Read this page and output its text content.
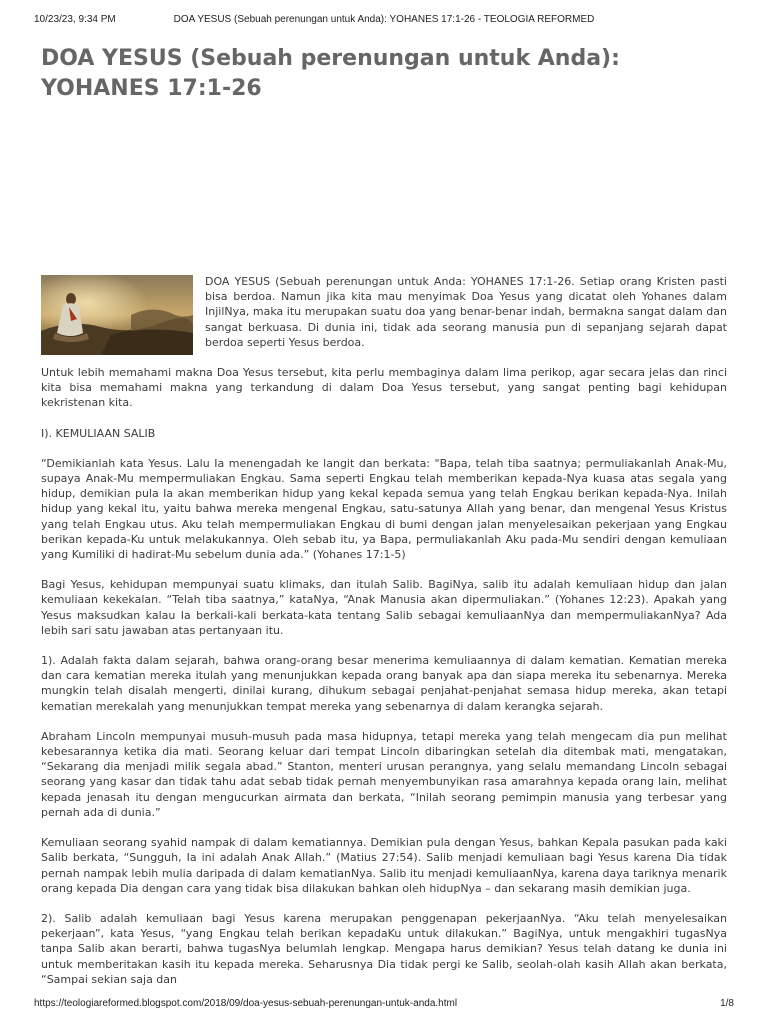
10/23/23, 9:34 PM	DOA YESUS (Sebuah perenungan untuk Anda): YOHANES 17:1-26 - TEOLOGIA REFORMED
DOA YESUS (Sebuah perenungan untuk Anda): YOHANES 17:1-26

DOA YESUS (Sebuah perenungan untuk Anda: YOHANES 17:1-26. Setiap orang Kristen pasti bisa berdoa. Namun jika kita mau menyimak Doa Yesus yang dicatat oleh Yohanes dalam InjilNya, maka itu merupakan suatu doa yang benar-benar indah, bermakna sangat dalam dan sangat berkuasa. Di dunia ini, tidak ada seorang manusia pun di sepanjang sejarah dapat berdoa seperti Yesus berdoa.

Untuk lebih memahami makna Doa Yesus tersebut, kita perlu membaginya dalam lima perikop, agar secara jelas dan rinci kita bisa memahami makna yang terkandung di dalam Doa Yesus tersebut, yang sangat penting bagi kehidupan kekristenan kita.

I). KEMULIAAN SALIB

“Demikianlah kata Yesus. Lalu Ia menengadah ke langit dan berkata: "Bapa, telah tiba saatnya; permuliakanlah Anak-Mu, supaya Anak-Mu mempermuliakan Engkau. Sama seperti Engkau telah memberikan kepada-Nya kuasa atas segala yang hidup, demikian pula Ia akan memberikan hidup yang kekal kepada semua yang telah Engkau berikan kepada-Nya. Inilah hidup yang kekal itu, yaitu bahwa mereka mengenal Engkau, satu-satunya Allah yang benar, dan mengenal Yesus Kristus yang telah Engkau utus. Aku telah mempermuliakan Engkau di bumi dengan jalan menyelesaikan pekerjaan yang Engkau berikan kepada-Ku untuk melakukannya. Oleh sebab itu, ya Bapa, permuliakanlah Aku pada-Mu sendiri dengan kemuliaan yang Kumiliki di hadirat-Mu sebelum dunia ada.” (Yohanes 17:1-5)

Bagi Yesus, kehidupan mempunyai suatu klimaks, dan itulah Salib. BagiNya, salib itu adalah kemuliaan hidup dan jalan kemuliaan kekekalan. “Telah tiba saatnya,” kataNya, “Anak Manusia akan dipermuliakan.” (Yohanes 12:23). Apakah yang Yesus maksudkan kalau Ia berkali-kali berkata-kata tentang Salib sebagai kemuliaanNya dan mempermuliakanNya? Ada lebih sari satu jawaban atas pertanyaan itu.

1). Adalah fakta dalam sejarah, bahwa orang-orang besar menerima kemuliaannya di dalam kematian. Kematian mereka dan cara kematian mereka itulah yang menunjukkan kepada orang banyak apa dan siapa mereka itu sebenarnya. Mereka mungkin telah disalah mengerti, dinilai kurang, dihukum sebagai penjahat-penjahat semasa hidup mereka, akan tetapi kematian merekalah yang menunjukkan tempat mereka yang sebenarnya di dalam kerangka sejarah.

Abraham Lincoln mempunyai musuh-musuh pada masa hidupnya, tetapi mereka yang telah mengecam dia pun melihat kebesarannya ketika dia mati. Seorang keluar dari tempat Lincoln dibaringkan setelah dia ditembak mati, mengatakan, “Sekarang dia menjadi milik segala abad.” Stanton, menteri urusan perangnya, yang selalu memandang Lincoln sebagai seorang yang kasar dan tidak tahu adat sebab tidak pernah menyembunyikan rasa amarahnya kepada orang lain, melihat kepada jenasah itu dengan mengucurkan airmata dan berkata, “Inilah seorang pemimpin manusia yang terbesar yang pernah ada di dunia.”

Kemuliaan seorang syahid nampak di dalam kematiannya. Demikian pula dengan Yesus, bahkan Kepala pasukan pada kaki Salib berkata, “Sungguh, Ia ini adalah Anak Allah.” (Matius 27:54). Salib menjadi kemuliaan bagi Yesus karena Dia tidak pernah nampak lebih mulia daripada di dalam kematianNya. Salib itu menjadi kemuliaanNya, karena daya tariknya menarik orang kepada Dia dengan cara yang tidak bisa dilakukan bahkan oleh hidupNya – dan sekarang masih demikian juga.

2). Salib adalah kemuliaan bagi Yesus karena merupakan penggenapan pekerjaanNya. “Aku telah menyelesaikan pekerjaan”, kata Yesus, “yang Engkau telah berikan kepadaKu untuk dilakukan.” BagiNya, untuk mengakhiri tugasNya tanpa Salib akan berarti, bahwa tugasNya belumlah lengkap. Mengapa harus demikian? Yesus telah datang ke dunia ini untuk memberitakan kasih itu kepada mereka. Seharusnya Dia tidak pergi ke Salib, seolah-olah kasih Allah akan berkata, “Sampai sekian saja dan

https://teologiareformed.blogspot.com/2018/09/doa-yesus-sebuah-perenungan-untuk-anda.html	1/8
